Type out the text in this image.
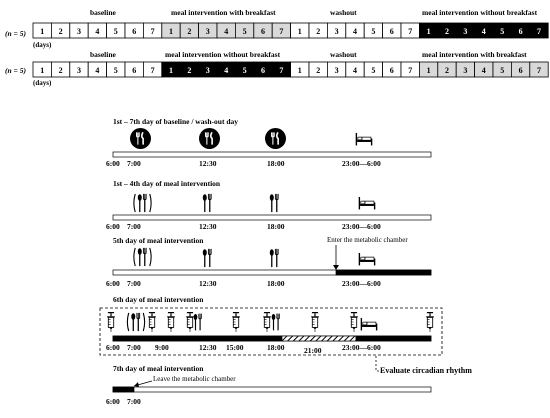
1 2 3 4 5 6 7 1 2 3 4 5 6 7 1 2 3 4 5 6 7 1 2 3 4 5 6 7
1 2 3 4 5 6 7 1 2 3 4 5 6 7 1 2 3 4 5 6 7 1 2 3 4 5 6 7
(n = 5)
(days)
baseline	meal intervention with breakfast	washout	meal intervention without breakfast
(n = 5)
(days)
baseline	meal intervention without breakfast	washout	meal intervention with breakfast
1st – 7th day of baseline / wash-out day
6:00 7:00	12:30	18:00	23:00—6:00
1st – 4th day of meal intervention
6:00 7:00	12:30	18:00	23:00—6:00
5th day of meal intervention	Enter the metabolic chamber
6:00 7:00	12:30	18:00	23:00—6:00
6th day of meal intervention
6:00 7:00 9:00	12:30 15:00	18:00	21:00	23:00—6:00
Evaluate circadian rhythm
7th day of meal intervention
Leave the metabolic chamber
6:00 7:00
